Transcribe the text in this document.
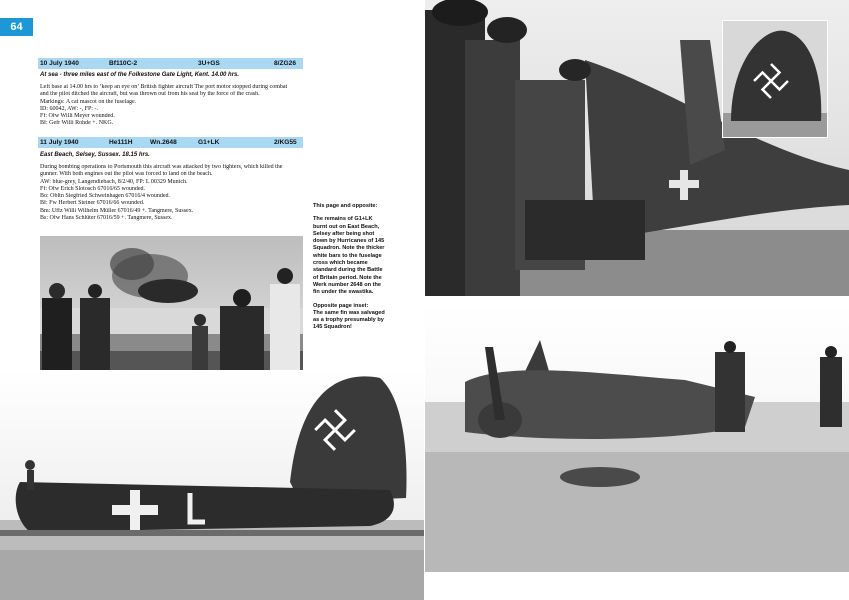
64
10 July 1940	Bf110C-2	3U+GS	8/ZG26
At sea - three miles east of the Folkestone Gate Light, Kent. 14.00 hrs.
Left base at 14.00 hrs to ‘keep an eye on’ British fighter aircraft The port motor stopped during combat
and the pilot ditched the aircraft, but was thrown out from his seat by the force of the crash.
Markings: A cat mascot on the fuselage.
ID: 60042, AW: -, FP: -.
Ff: Ofw Willi Meyer wounded.
Bf: Gefr Willi Rohde +. NKG.
11 July 1940	He111H	Wn.2648	G1+LK	2/KG55
East Beach, Selsey, Sussex. 18.15 hrs.
During bombing operations to Portsmouth this aircraft was attacked by two fighters, which killed the
gunner. With both engines out the pilot was forced to land on the beach.
AW: blue-grey, Langendiebach, 8/2/40, FP: L 00329 Munich.
Ff: Ofw Erich Slotosch 67016/65 wounded.
Bo: Obltn Siegfried Schweinhagen 67016/4 wounded.
Bf: Fw Herbert Steiner 67016/66 wounded.
Bm: Uffz Willi Wilhelm Müller 67016/49 +. Tangmere, Sussex.
Bs: Ofw Hans Schlüter 67016/59 +. Tangmere, Sussex.

This page and opposite:

The remains of G1+LK burnt out on East Beach, Selsey after being shot down by Hurricanes of 145 Squadron. Note the thicker white bars to the fuselage cross which became standard during the Battle of Britain period. Note the Werk number 2648 on the fin under the swastika.

Opposite page inset:
The same fin was salvaged as a trophy presumably by 145 Squadron!
